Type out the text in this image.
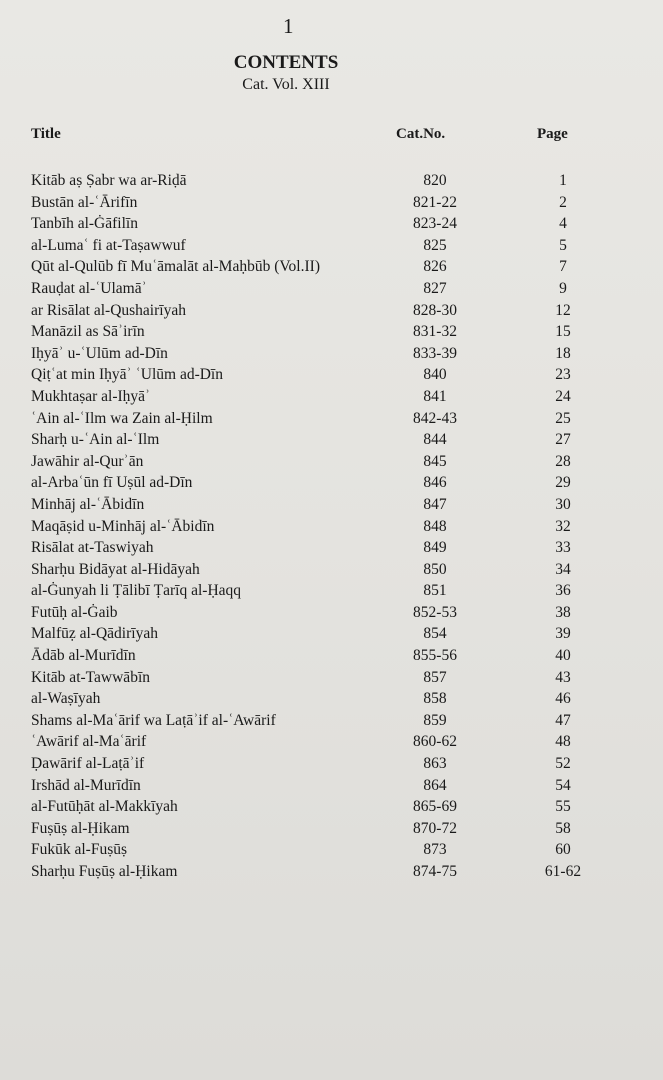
1
CONTENTS
Cat. Vol. XIII
Title	Cat.No.	Page
Kitāb aṣ Ṣabr wa ar-Riḍā	820	1
Bustān al-ʿĀrifīn	821-22	2
Tanbīh al-Ġāfilīn	823-24	4
al-Lumaʿ fi at-Taṣawwuf	825	5
Qūt al-Qulūb fī Muʿāmalāt al-Maḥbūb (Vol.II)	826	7
Rauḍat al-ʿUlamāʾ	827	9
ar Risālat al-Qushairīyah	828-30	12
Manāzil as Sāʾirīn	831-32	15
Iḥyāʾ u-ʿUlūm ad-Dīn	833-39	18
Qiṭʿat min Iḥyāʾ ʿUlūm ad-Dīn	840	23
Mukhtaṣar al-Iḥyāʾ	841	24
ʿAin al-ʿIlm wa Zain al-Ḥilm	842-43	25
Sharḥ u-ʿAin al-ʿIlm	844	27
Jawāhir al-Qurʾān	845	28
al-Arbaʿūn fī Uṣūl ad-Dīn	846	29
Minhāj al-ʿĀbidīn	847	30
Maqāṣid u-Minhāj al-ʿĀbidīn	848	32
Risālat at-Taswiyah	849	33
Sharḥu Bidāyat al-Hidāyah	850	34
al-Ġunyah li Ṭālibī Ṭarīq al-Ḥaqq	851	36
Futūḥ al-Ġaib	852-53	38
Malfūẓ al-Qādirīyah	854	39
Ādāb al-Murīdīn	855-56	40
Kitāb at-Tawwābīn	857	43
al-Waṣīyah	858	46
Shams al-Maʿārif wa Laṭāʾif al-ʿAwārif	859	47
ʿAwārif al-Maʿārif	860-62	48
Ḍawārif al-Laṭāʾif	863	52
Irshād al-Murīdīn	864	54
al-Futūḥāt al-Makkīyah	865-69	55
Fuṣūṣ al-Ḥikam	870-72	58
Fukūk al-Fuṣūṣ	873	60
Sharḥu Fuṣūṣ al-Ḥikam	874-75	61-62
